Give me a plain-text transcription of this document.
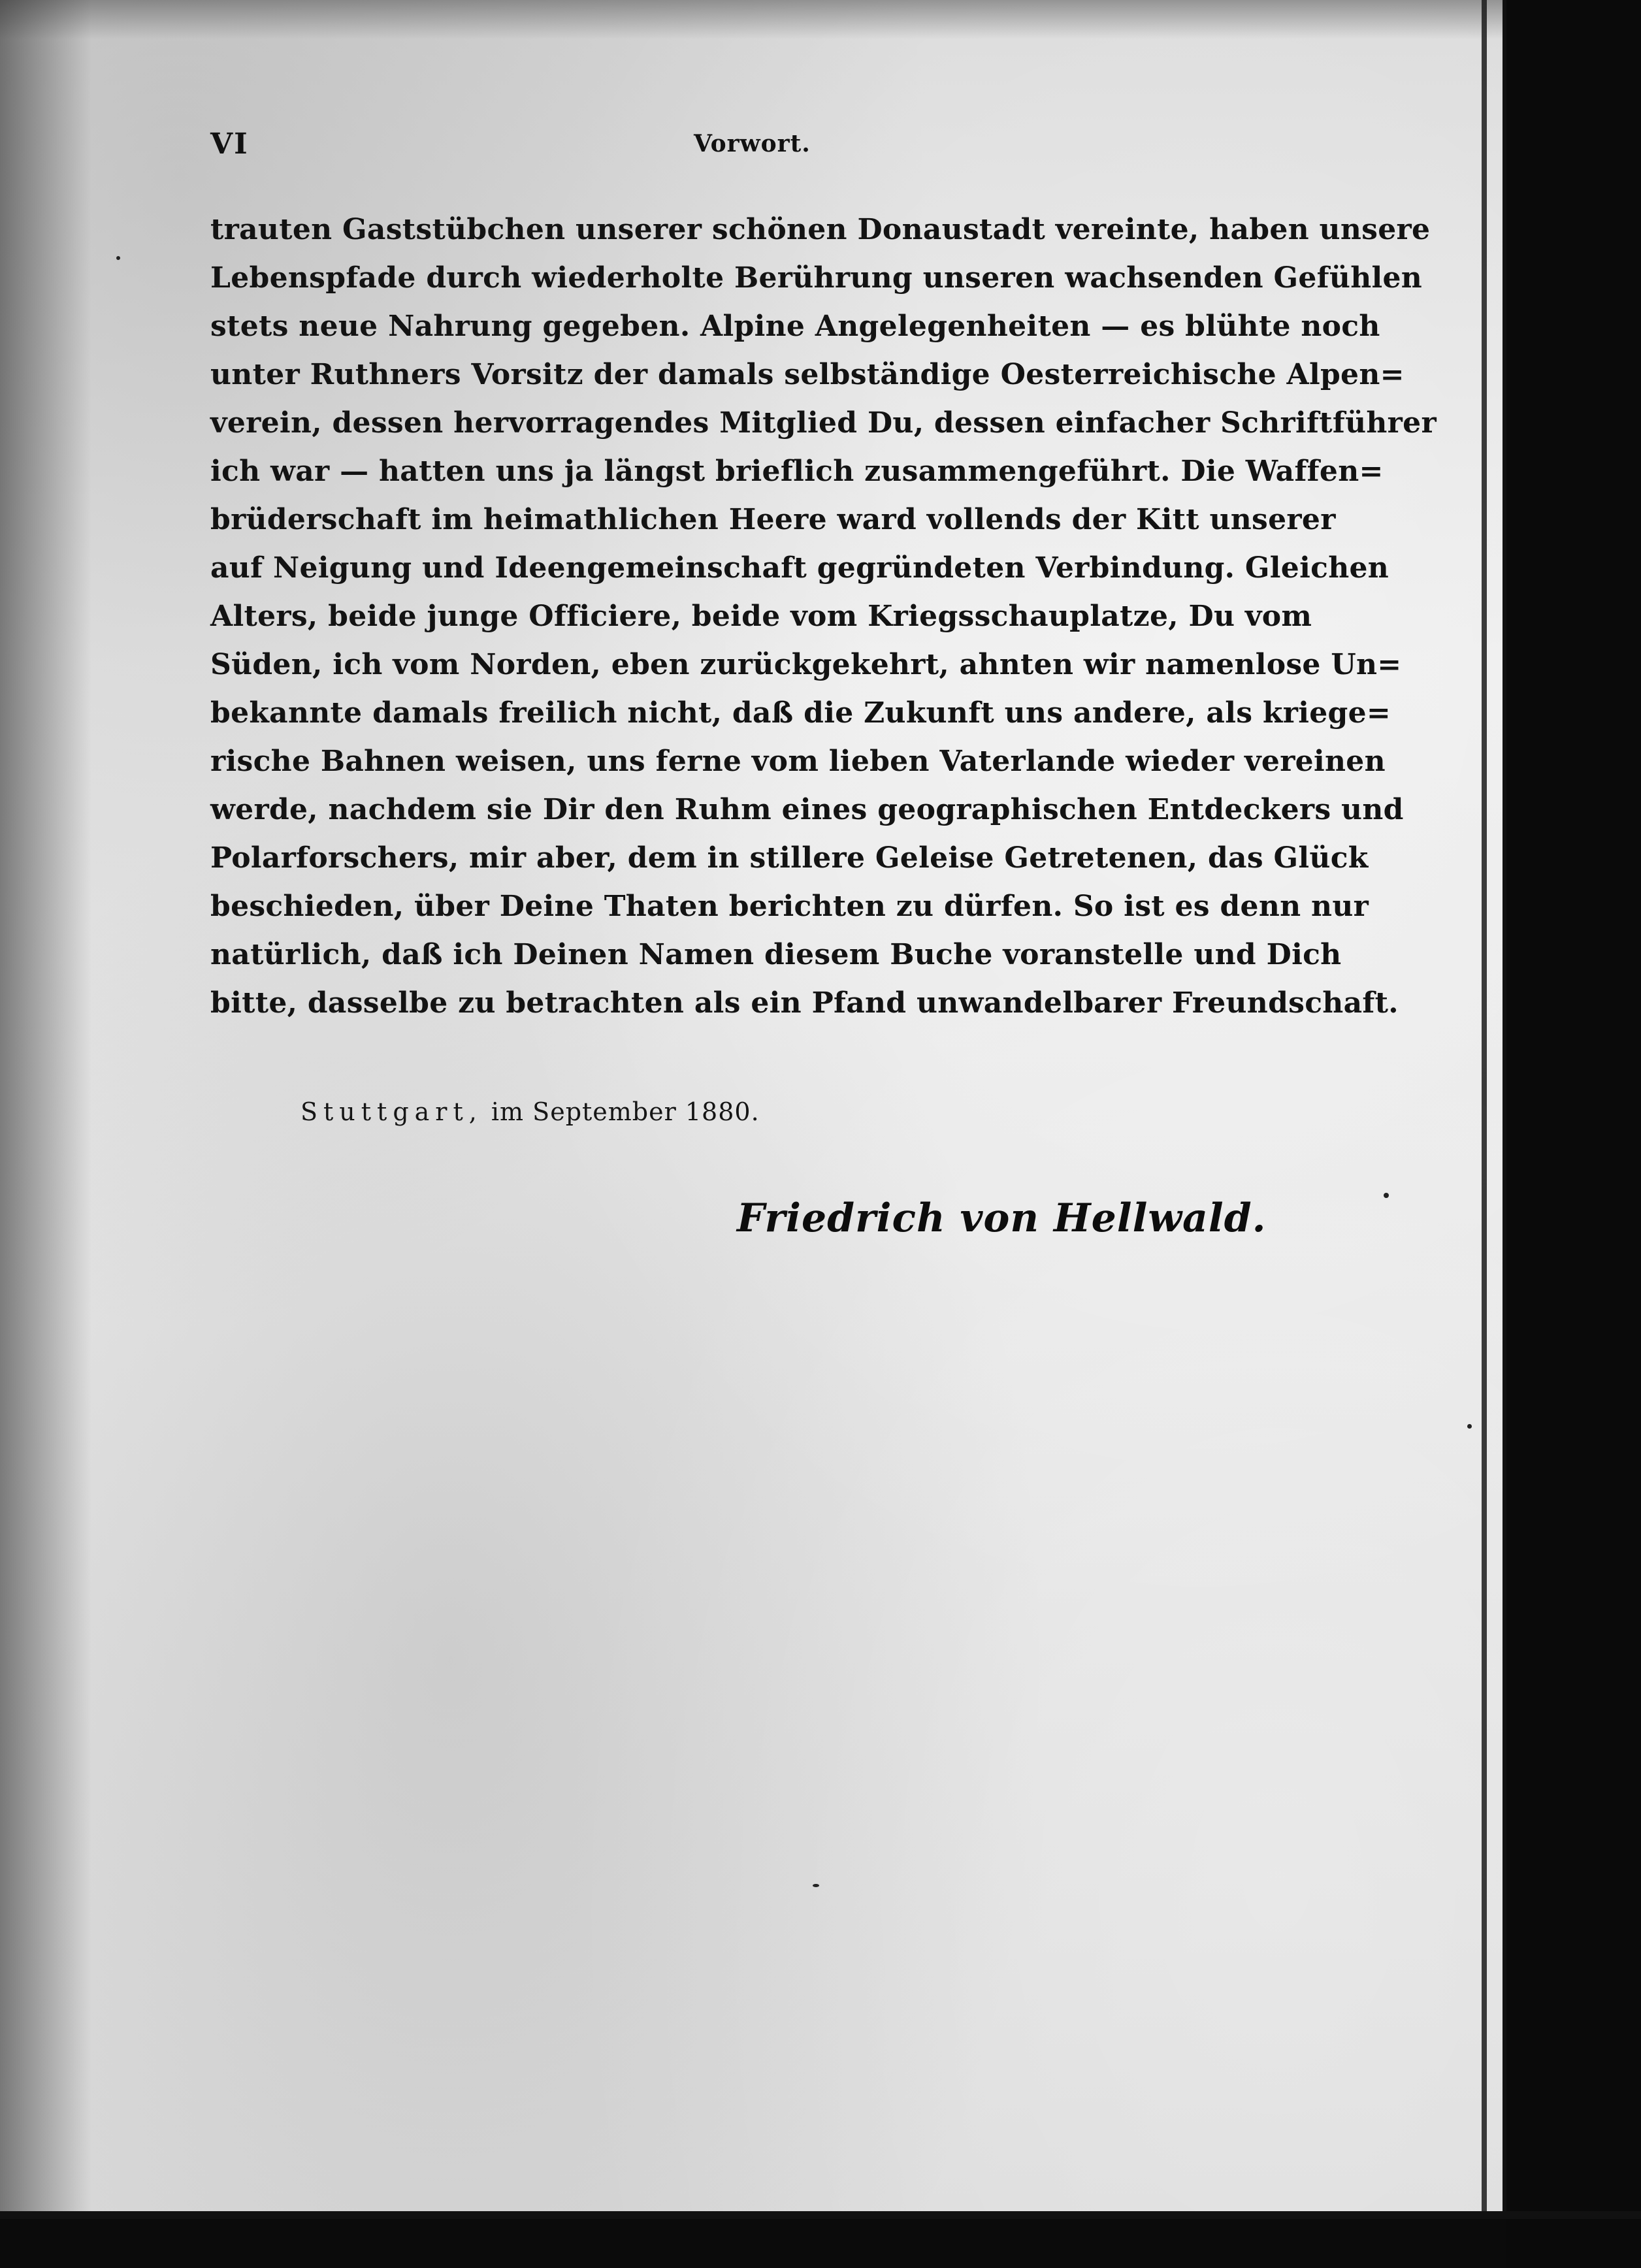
VI	Vorwort.
trauten Gaststübchen unserer schönen Donaustadt vereinte, haben unsere
Lebenspfade durch wiederholte Berührung unseren wachsenden Gefühlen
stets neue Nahrung gegeben. Alpine Angelegenheiten — es blühte noch
unter Ruthners Vorsitz der damals selbständige Oesterreichische Alpen=
verein, dessen hervorragendes Mitglied Du, dessen einfacher Schriftführer
ich war — hatten uns ja längst brieflich zusammengeführt. Die Waffen=
brüderschaft im heimathlichen Heere ward vollends der Kitt unserer
auf Neigung und Ideengemeinschaft gegründeten Verbindung. Gleichen
Alters, beide junge Officiere, beide vom Kriegsschauplatze, Du vom
Süden, ich vom Norden, eben zurückgekehrt, ahnten wir namenlose Un=
bekannte damals freilich nicht, daß die Zukunft uns andere, als kriege=
rische Bahnen weisen, uns ferne vom lieben Vaterlande wieder vereinen
werde, nachdem sie Dir den Ruhm eines geographischen Entdeckers und
Polarforschers, mir aber, dem in stillere Geleise Getretenen, das Glück
beschieden, über Deine Thaten berichten zu dürfen. So ist es denn nur
natürlich, daß ich Deinen Namen diesem Buche voranstelle und Dich
bitte, dasselbe zu betrachten als ein Pfand unwandelbarer Freundschaft.
Stuttgart, im September 1880.
Friedrich von Hellwald.
